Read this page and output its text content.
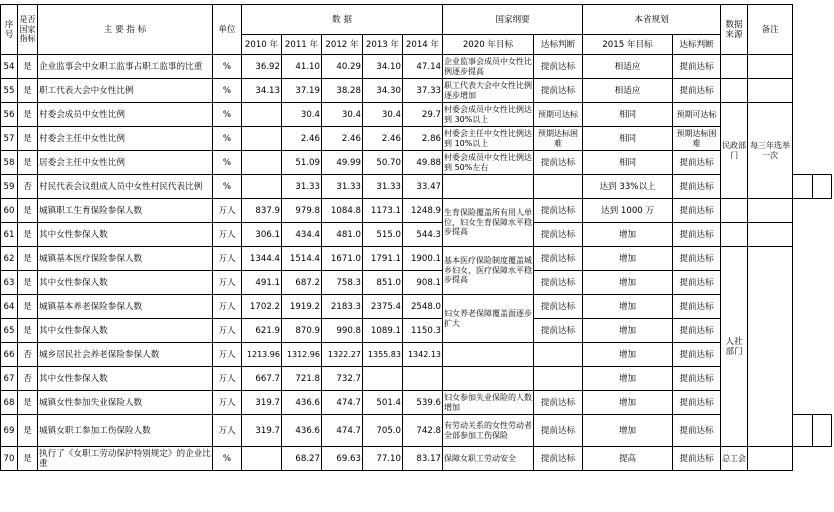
序号	是否国家指标	主 要 指 标	单位	数 据					国家纲要		本省规划		数据来源	备注		
				2010 年	2011 年	2012 年	2013 年	2014 年	2020 年目标	达标判断	2015 年目标	达标判断				
54	是	企业监事会中女职工监事占职工监事的比重	%	36.92	41.10	40.29	34.10	47.14	企业监事会成员中女性比例逐步提高	提前达标	相适应	提前达标				
55	是	职工代表大会中女性比例	%	34.13	37.19	38.28	34.30	37.33	职工代表大会中女性比例逐步增加	提前达标	相适应	提前达标				
56	是	村委会成员中女性比例	%		30.4	30.4	30.4	29.7	村委会成员中女性比例达到 30%以上	预期可达标	相同	预期可达标	民政部门	每三年选举一次		
57	是	村委会主任中女性比例	%		2.46	2.46	2.46	2.86	村委会主任中女性比例达到 10%以上	预期达标困难	相同	预期达标困难				
58	是	居委会主任中女性比例	%		51.09	49.99	50.70	49.88	村委会成员中女性比例达到 50%左右	提前达标	相同	提前达标				
59	否	村民代表会议组成人员中女性村民代表比例	%		31.33	31.33	31.33	33.47			达到 33%以上	提前达标				
60	是	城镇职工生育保险参保人数	万人	837.9	979.8	1084.8	1173.1	1248.9	生育保险覆盖所有用人单位，妇女生育保障水平稳步提高	提前达标	达到 1000 万	提前达标				
61	是	其中女性参保人数	万人	306.1	434.4	481.0	515.0	544.3		提前达标	增加	提前达标				
62	是	城镇基本医疗保险参保人数	万人	1344.4	1514.4	1671.0	1791.1	1900.1	基本医疗保险制度覆盖城乡妇女，医疗保障水平稳步提高	提前达标	增加	提前达标	人社部门			
63	是	其中女性参保人数	万人	491.1	687.2	758.3	851.0	908.1		提前达标	增加	提前达标				
64	是	城镇基本养老保险参保人数	万人	1702.2	1919.2	2183.3	2375.4	2548.0	妇女养老保障覆盖面逐步扩大	提前达标	增加	提前达标				
65	是	其中女性参保人数	万人	621.9	870.9	990.8	1089.1	1150.3		提前达标	增加	提前达标				
66	否	城乡居民社会养老保险参保人数	万人	1213.96	1312.96	1322.27	1355.83	1342.13			增加	提前达标				
67	否	其中女性参保人数	万人	667.7	721.8	732.7					增加	提前达标				
68	是	城镇女性参加失业保险人数	万人	319.7	436.6	474.7	501.4	539.6	妇女参加失业保险的人数增加	提前达标	增加	提前达标				
69	是	城镇女职工参加工伤保险人数	万人	319.7	436.6	474.7	705.0	742.8	有劳动关系的女性劳动者全部参加工伤保险	提前达标	增加	提前达标				
70	是	执行了《女职工劳动保护特别规定》的企业比重	%		68.27	69.63	77.10	83.17	保障女职工劳动安全	提前达标	提高	提前达标	总工会			
